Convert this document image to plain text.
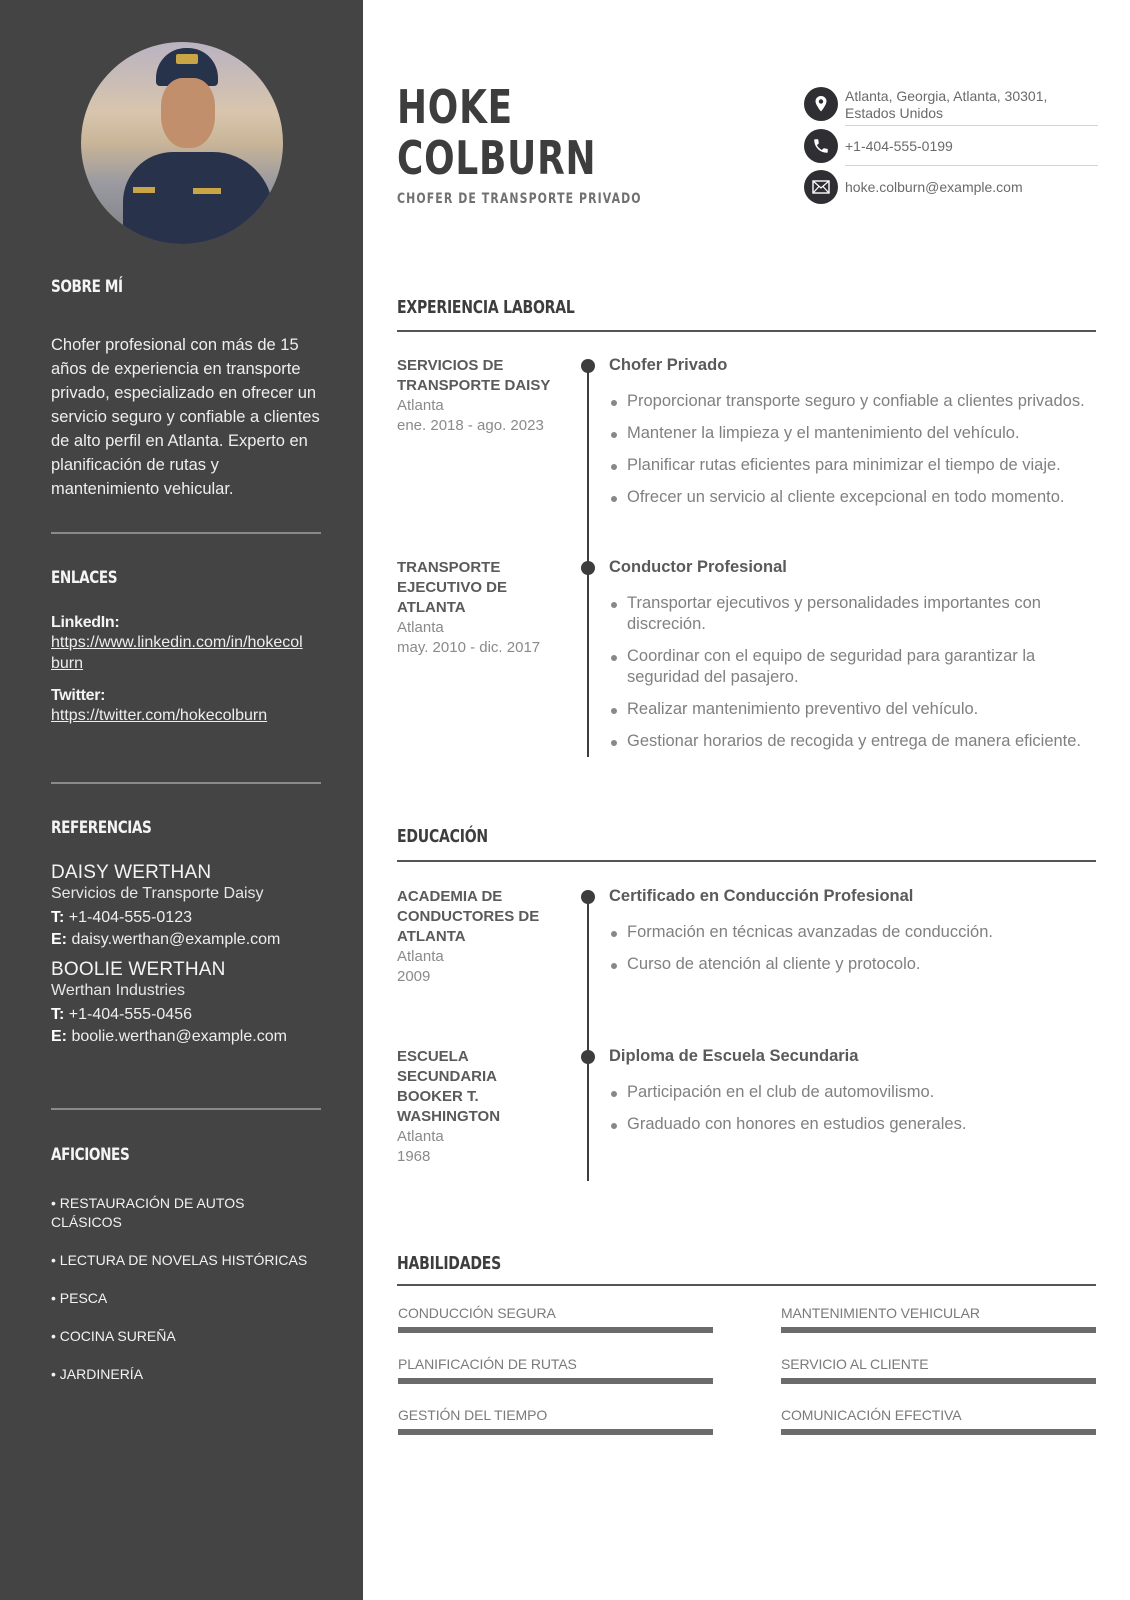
SOBRE MÍ

Chofer profesional con más de 15 años de experiencia en transporte privado, especializado en ofrecer un servicio seguro y confiable a clientes de alto perfil en Atlanta. Experto en planificación de rutas y mantenimiento vehicular.

ENLACES
LinkedIn:
https://www.linkedin.com/in/hokecolburn
Twitter:
https://twitter.com/hokecolburn
REFERENCIAS
DAISY WERTHAN
Servicios de Transporte Daisy
T: +1-404-555-0123
E: daisy.werthan@example.com
BOOLIE WERTHAN
Werthan Industries
T: +1-404-555-0456
E: boolie.werthan@example.com
AFICIONES
• RESTAURACIÓN DE AUTOS CLÁSICOS
• LECTURA DE NOVELAS HISTÓRICAS
• PESCA
• COCINA SUREÑA
• JARDINERÍA
HOKE
COLBURN
CHOFER DE TRANSPORTE PRIVADO
Atlanta, Georgia, Atlanta, 30301,
Estados Unidos
+1-404-555-0199
hoke.colburn@example.com
EXPERIENCIA LABORAL
SERVICIOS DE TRANSPORTE DAISY
Atlanta
ene. 2018 - ago. 2023
Chofer Privado
Proporcionar transporte seguro y confiable a clientes privados.
Mantener la limpieza y el mantenimiento del vehículo.
Planificar rutas eficientes para minimizar el tiempo de viaje.
Ofrecer un servicio al cliente excepcional en todo momento.
TRANSPORTE EJECUTIVO DE ATLANTA
Atlanta
may. 2010 - dic. 2017
Conductor Profesional
Transportar ejecutivos y personalidades importantes con discreción.
Coordinar con el equipo de seguridad para garantizar la seguridad del pasajero.
Realizar mantenimiento preventivo del vehículo.
Gestionar horarios de recogida y entrega de manera eficiente.
EDUCACIÓN
ACADEMIA DE CONDUCTORES DE ATLANTA
Atlanta
2009
Certificado en Conducción Profesional
Formación en técnicas avanzadas de conducción.
Curso de atención al cliente y protocolo.
ESCUELA SECUNDARIA BOOKER T. WASHINGTON
Atlanta
1968
Diploma de Escuela Secundaria
Participación en el club de automovilismo.
Graduado con honores en estudios generales.
HABILIDADES
CONDUCCIÓN SEGURA	MANTENIMIENTO VEHICULAR
PLANIFICACIÓN DE RUTAS	SERVICIO AL CLIENTE
GESTIÓN DEL TIEMPO	COMUNICACIÓN EFECTIVA
